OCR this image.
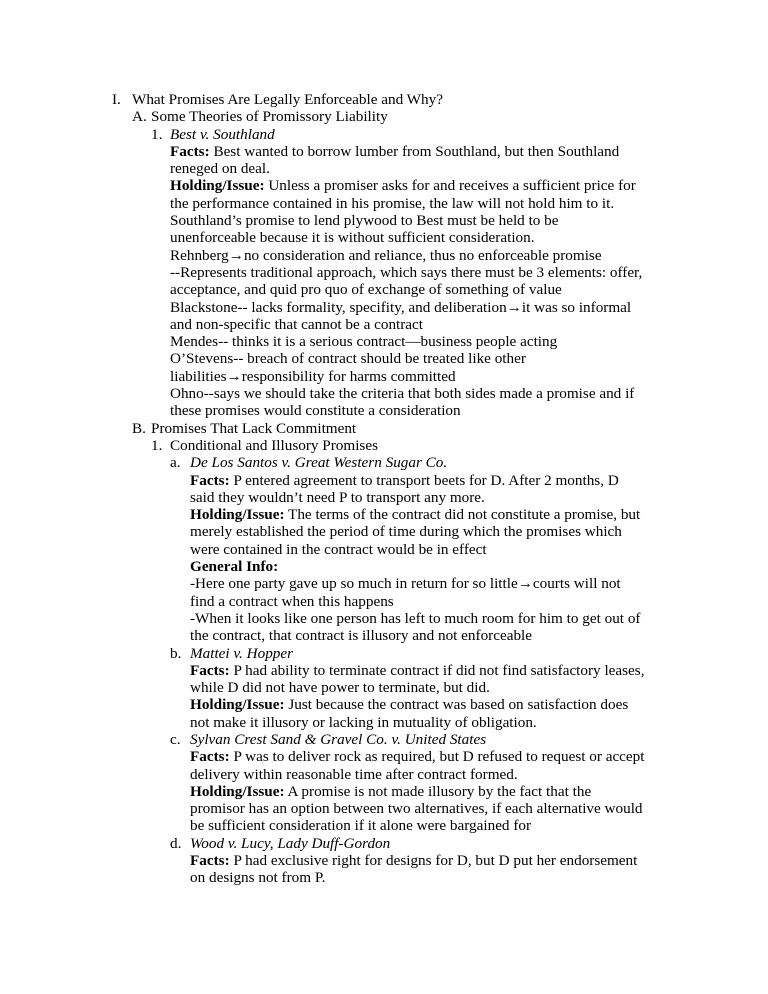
I. What Promises Are Legally Enforceable and Why?
A. Some Theories of Promissory Liability
1. Best v. Southland
Facts: Best wanted to borrow lumber from Southland, but then Southland
reneged on deal.
Holding/Issue: Unless a promiser asks for and receives a sufficient price for
the performance contained in his promise, the law will not hold him to it.
Southland’s promise to lend plywood to Best must be held to be
unenforceable because it is without sufficient consideration.
Rehnberg→no consideration and reliance, thus no enforceable promise
--Represents traditional approach, which says there must be 3 elements: offer,
acceptance, and quid pro quo of exchange of something of value
Blackstone-- lacks formality, specifity, and deliberation→it was so informal
and non-specific that cannot be a contract
Mendes-- thinks it is a serious contract—business people acting
O’Stevens-- breach of contract should be treated like other
liabilities→responsibility for harms committed
Ohno--says we should take the criteria that both sides made a promise and if
these promises would constitute a consideration
B. Promises That Lack Commitment
1. Conditional and Illusory Promises
a. De Los Santos v. Great Western Sugar Co.
Facts: P entered agreement to transport beets for D. After 2 months, D
said they wouldn’t need P to transport any more.
Holding/Issue: The terms of the contract did not constitute a promise, but
merely established the period of time during which the promises which
were contained in the contract would be in effect
General Info:
-Here one party gave up so much in return for so little→courts will not
find a contract when this happens
-When it looks like one person has left to much room for him to get out of
the contract, that contract is illusory and not enforceable
b. Mattei v. Hopper
Facts: P had ability to terminate contract if did not find satisfactory leases,
while D did not have power to terminate, but did.
Holding/Issue: Just because the contract was based on satisfaction does
not make it illusory or lacking in mutuality of obligation.
c. Sylvan Crest Sand & Gravel Co. v. United States
Facts: P was to deliver rock as required, but D refused to request or accept
delivery within reasonable time after contract formed.
Holding/Issue: A promise is not made illusory by the fact that the
promisor has an option between two alternatives, if each alternative would
be sufficient consideration if it alone were bargained for
d. Wood v. Lucy, Lady Duff-Gordon
Facts: P had exclusive right for designs for D, but D put her endorsement
on designs not from P.
